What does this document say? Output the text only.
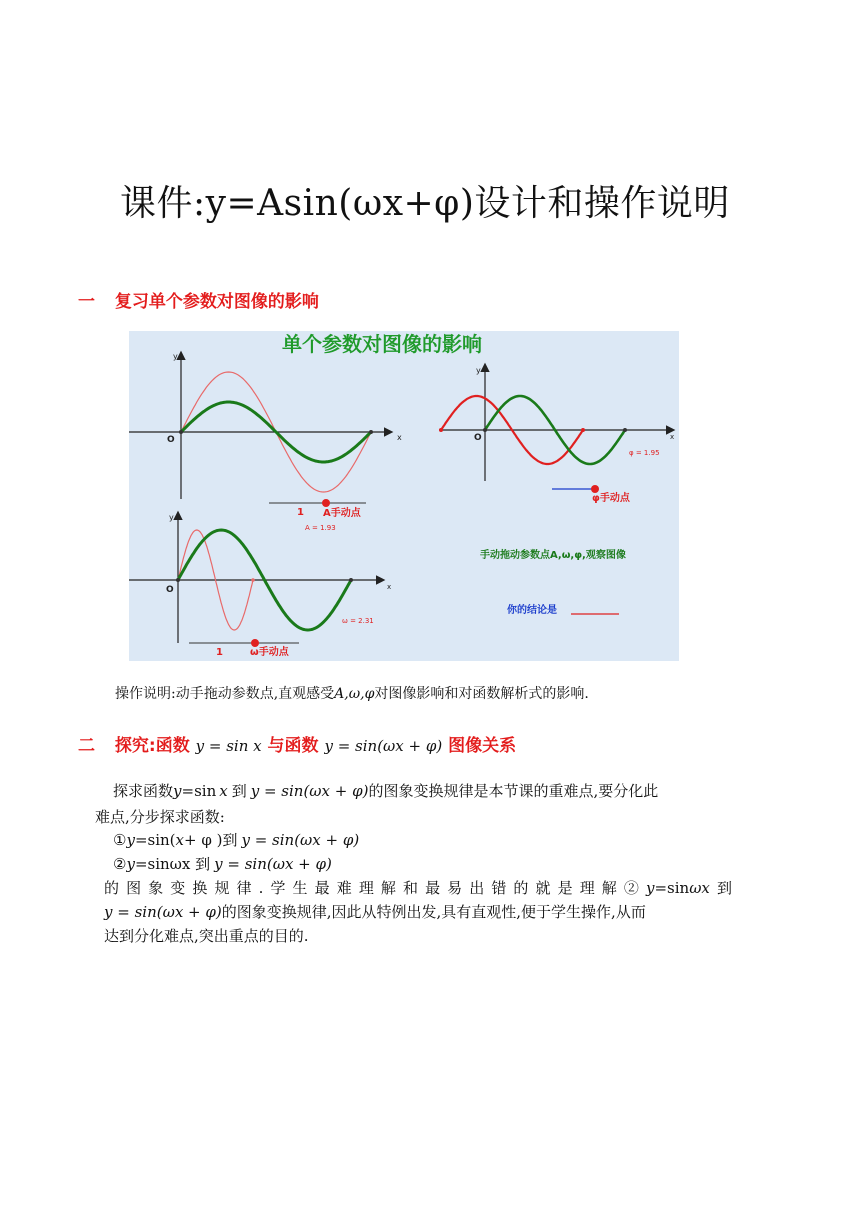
课件:y=Asin(ωx+φ)设计和操作说明
一 复习单个参数对图像的影响
单个参数对图像的影响
y
x
O
1 A手动点
A = 1.93
y
x
O
φ = 1.95
φ手动点
y
x
O
ω = 2.31
1	ω手动点
手动拖动参数点A,ω,φ,观察图像
你的结论是
操作说明:动手拖动参数点,直观感受A,ω,φ对图像影响和对函数解析式的影响.
二 探究:函数 y = sin x 与函数 y = sin(ωx + φ) 图像关系
探求函数y=sin x 到 y = sin(ωx + φ)的图象变换规律是本节课的重难点,要分化此
难点,分步探求函数:
①y=sin(x+ φ )到 y = sin(ωx + φ)
②y=sinωx 到 y = sin(ωx + φ)
的图象变换规律.学生最难理解和最易出错的就是理解②y=sinωx到
y = sin(ωx + φ)的图象变换规律,因此从特例出发,具有直观性,便于学生操作,从而
达到分化难点,突出重点的目的.
